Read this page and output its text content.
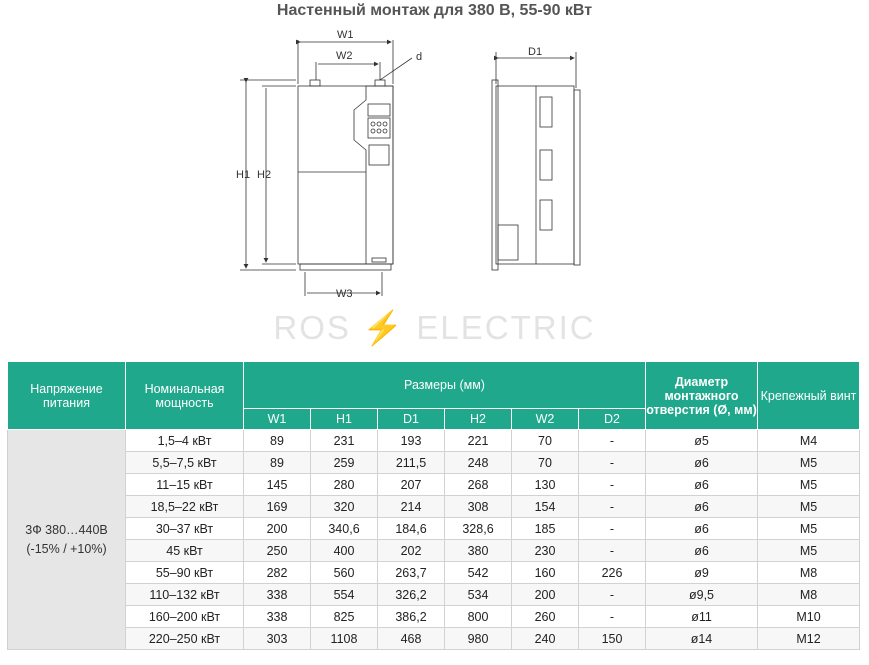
Настенный монтаж для 380 В, 55-90 кВт
W1
W2	d
H1 H2
W3
D1
ROS ⚡ ELECTRIC
Напряжение питания	Номинальная мощность	Размеры (мм)						Диаметр монтажного отверстия (Ø, мм)	Крепежный винт
		W1	H1	D1	H2	W2	D2		

3Ф 380…440В
(-15% / +10%)	1,5–4 кВт	89	231	193	221	70	-	ø5	M4
	5,5–7,5 кВт	89	259	211,5	248	70	-	ø6	M5
	11–15 кВт	145	280	207	268	130	-	ø6	M5
	18,5–22 кВт	169	320	214	308	154	-	ø6	M5
	30–37 кВт	200	340,6	184,6	328,6	185	-	ø6	M5
	45 кВт	250	400	202	380	230	-	ø6	M5
	55–90 кВт	282	560	263,7	542	160	226	ø9	M8
	110–132 кВт	338	554	326,2	534	200	-	ø9,5	M8
	160–200 кВт	338	825	386,2	800	260	-	ø11	M10
	220–250 кВт	303	1108	468	980	240	150	ø14	M12
